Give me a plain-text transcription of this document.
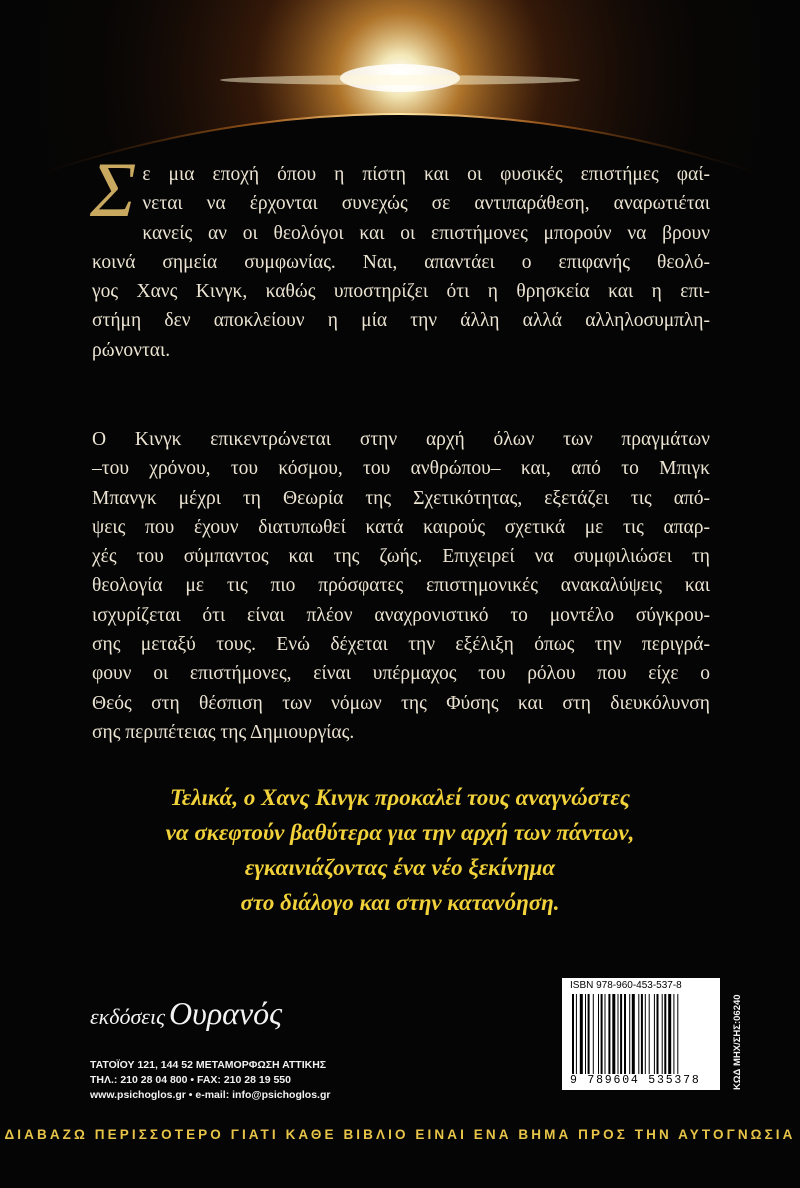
Σ ε μια εποχή όπου η πίστη και οι φυσικές επιστήμες φαί-
νεται να έρχονται συνεχώς σε αντιπαράθεση, αναρωτιέται
κανείς αν οι θεολόγοι και οι επιστήμονες μπορούν να βρουν
κοινά σημεία συμφωνίας. Ναι, απαντάει ο επιφανής θεολό-
γος Χανς Κινγκ, καθώς υποστηρίζει ότι η θρησκεία και η επι-
στήμη δεν αποκλείουν η μία την άλλη αλλά αλληλοσυμπλη-
ρώνονται.
Ο Κινγκ επικεντρώνεται στην αρχή όλων των πραγμάτων
–του χρόνου, του κόσμου, του ανθρώπου– και, από το Μπιγκ
Μπανγκ μέχρι τη Θεωρία της Σχετικότητας, εξετάζει τις από-
ψεις που έχουν διατυπωθεί κατά καιρούς σχετικά με τις απαρ-
χές του σύμπαντος και της ζωής. Επιχειρεί να συμφιλιώσει τη
θεολογία με τις πιο πρόσφατες επιστημονικές ανακαλύψεις και
ισχυρίζεται ότι είναι πλέον αναχρονιστικό το μοντέλο σύγκρου-
σης μεταξύ τους. Ενώ δέχεται την εξέλιξη όπως την περιγρά-
φουν οι επιστήμονες, είναι υπέρμαχος του ρόλου που είχε ο
Θεός στη θέσπιση των νόμων της Φύσης και στη διευκόλυνση
σης περιπέτειας της Δημιουργίας.
Τελικά, ο Χανς Κινγκ προκαλεί τους αναγνώστες
να σκεφτούν βαθύτερα για την αρχή των πάντων,
εγκαινιάζοντας ένα νέο ξεκίνημα
στο διάλογο και στην κατανόηση.
εκδόσεις Ουρανός
ΤΑΤΟΪΟΥ 121, 144 52 ΜΕΤΑΜΟΡΦΩΣΗ ΑΤΤΙΚΗΣ
ΤΗΛ.: 210 28 04 800 • FAX: 210 28 19 550
www.psichoglos.gr • e-mail: info@psichoglos.gr
ISBN 978-960-453-537-8
9 789604 535378	ΚΩΔ ΜΗΧ/ΣΗΣ:06240
ΔΙΑΒΑΖΩ ΠΕΡΙΣΣΟΤΕΡΟ ΓΙΑΤΙ ΚΑΘΕ ΒΙΒΛΙΟ ΕΙΝΑΙ ΕΝΑ ΒΗΜΑ ΠΡΟΣ ΤΗΝ ΑΥΤΟΓΝΩΣΙΑ
